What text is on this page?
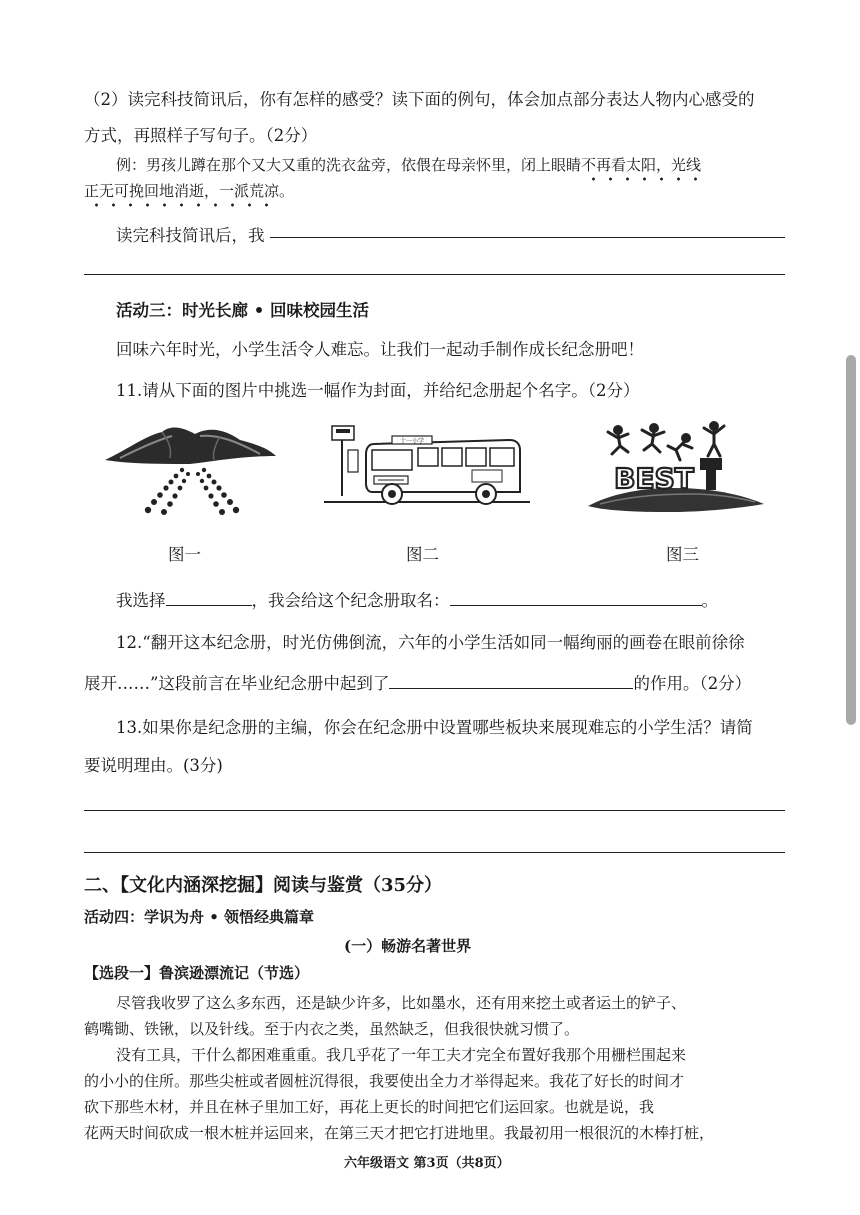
（2）读完科技简讯后，你有怎样的感受？读下面的例句，体会加点部分表达人物内心感受的
方式，再照样子写句子。（2分）
例：男孩儿蹲在那个又大又重的洗衣盆旁，依偎在母亲怀里，闭上眼睛不再看太阳，光线
正无可挽回地消逝，一派荒凉。
读完科技简讯后，我
活动三：时光长廊 • 回味校园生活
回味六年时光，小学生活令人难忘。让我们一起动手制作成长纪念册吧！
11.请从下面的图片中挑选一幅作为封面，并给纪念册起个名字。（2分）
十一小学
BEST
图一	图二	图三
我选择	，我会给这个纪念册取名：	。
12.“翻开这本纪念册，时光仿佛倒流，六年的小学生活如同一幅绚丽的画卷在眼前徐徐
展开……”这段前言在毕业纪念册中起到了	的作用。（2分）
13.如果你是纪念册的主编，你会在纪念册中设置哪些板块来展现难忘的小学生活？请简
要说明理由。(3分)
二、【文化内涵深挖掘】阅读与鉴赏（35分）
活动四：学识为舟 • 领悟经典篇章
(一）畅游名著世界
【选段一】鲁滨逊漂流记（节选）
尽管我收罗了这么多东西，还是缺少许多，比如墨水，还有用来挖土或者运土的铲子、
鹤嘴锄、铁锹，以及针线。至于内衣之类，虽然缺乏，但我很快就习惯了。
没有工具，干什么都困难重重。我几乎花了一年工夫才完全布置好我那个用栅栏围起来
的小小的住所。那些尖桩或者圆桩沉得很，我要使出全力才举得起来。我花了好长的时间才
砍下那些木材，并且在林子里加工好，再花上更长的时间把它们运回家。也就是说，我
花两天时间砍成一根木桩并运回来，在第三天才把它打进地里。我最初用一根很沉的木棒打桩，
六年级语文 第3页（共8页）
